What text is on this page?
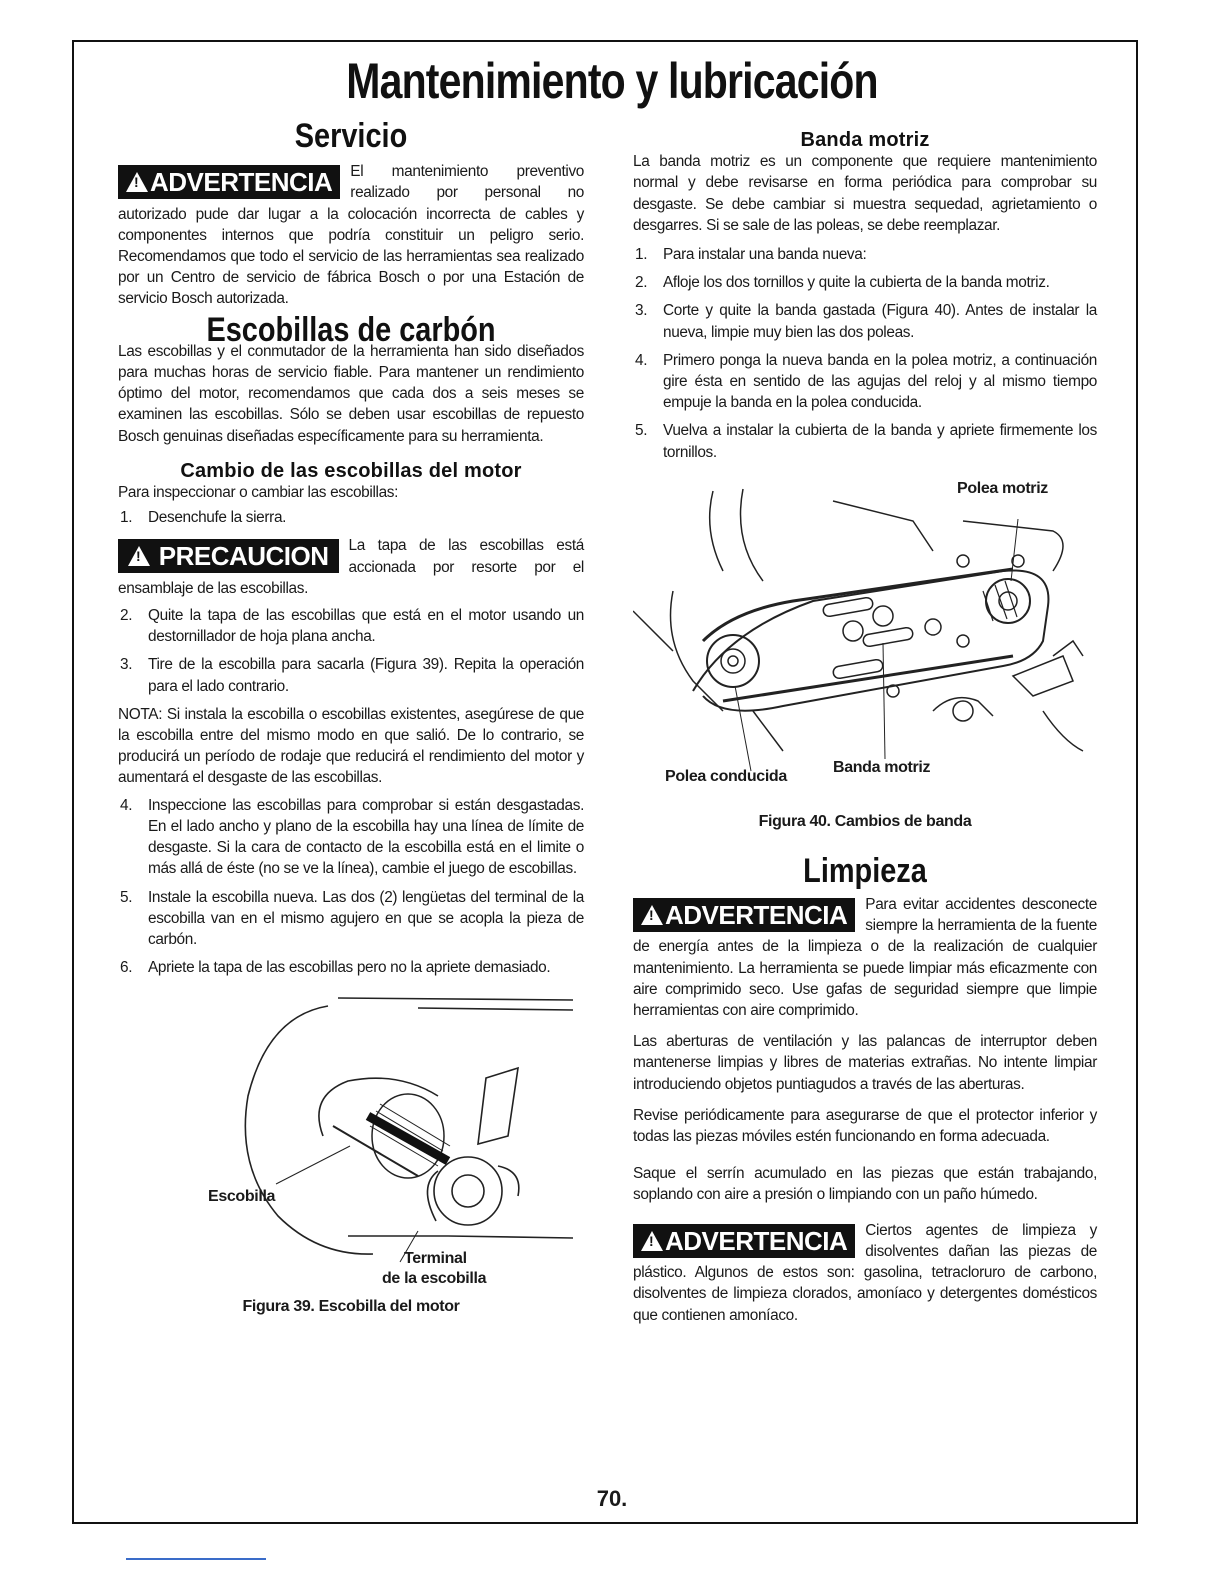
Mantenimiento y lubricación
Servicio
!ADVERTENCIA	El mantenimiento preventivo realizado por personal no autorizado pude dar lugar a la colocación incorrecta de cables y componentes internos que podría constituir un peligro serio. Recomendamos que todo el servicio de las herramientas sea realizado por un Centro de servicio de fábrica Bosch o por una Estación de servicio Bosch autorizada.

Escobillas de carbón

Las escobillas y el conmutador de la herramienta han sido diseñados para muchas horas de servicio fiable. Para mantener un rendimiento óptimo del motor, recomendamos que cada dos a seis meses se examinen las escobillas. Sólo se deben usar escobillas de repuesto Bosch genuinas diseñadas específicamente para su herramienta.

Cambio de las escobillas del motor

Para inspeccionar o cambiar las escobillas:

1. Desenchufe la sierra.
! PRECAUCION	La tapa de las escobillas está accionada por resorte por el ensamblaje de las escobillas.

2. Quite la tapa de las escobillas que está en el motor usando un destornillador de hoja plana ancha.
3. Tire de la escobilla para sacarla (Figura 39). Repita la operación para el lado contrario.

NOTA: Si instala la escobilla o escobillas existentes, asegúrese de que la escobilla entre del mismo modo en que salió. De lo contrario, se producirá un período de rodaje que reducirá el rendimiento del motor y aumentará el desgaste de las escobillas.

4. Inspeccione las escobillas para comprobar si están desgastadas. En el lado ancho y plano de la escobilla hay una línea de límite de desgaste. Si la cara de contacto de la escobilla está en el limite o más allá de éste (no se ve la línea), cambie el juego de escobillas.
5. Instale la escobilla nueva. Las dos (2) lengüetas del terminal de la escobilla van en el mismo agujero en que se acopla la pieza de carbón.
6. Apriete la tapa de las escobillas pero no la apriete demasiado.
Escobilla
Terminal
de la escobilla
Figura 39. Escobilla del motor
Banda motriz

La banda motriz es un componente que requiere mantenimiento normal y debe revisarse en forma periódica para comprobar su desgaste. Se debe cambiar si muestra sequedad, agrietamiento o desgarres. Si se sale de las poleas, se debe reemplazar.

1. Para instalar una banda nueva:
2. Afloje los dos tornillos y quite la cubierta de la banda motriz.
3. Corte y quite la banda gastada (Figura 40). Antes de instalar la nueva, limpie muy bien las dos poleas.
4. Primero ponga la nueva banda en la polea motriz, a continuación gire ésta en sentido de las agujas del reloj y al mismo tiempo empuje la banda en la polea conducida.
5. Vuelva a instalar la cubierta de la banda y apriete firmemente los tornillos.
Polea motriz
Polea conducida
Banda motriz
Figura 40. Cambios de banda
Limpieza
!ADVERTENCIA	Para evitar accidentes desconecte siempre la herramienta de la fuente de energía antes de la limpieza o de la realización de cualquier mantenimiento. La herramienta se puede limpiar más eficazmente con aire comprimido seco. Use gafas de seguridad siempre que limpie herramientas con aire comprimido.

Las aberturas de ventilación y las palancas de interruptor deben mantenerse limpias y libres de materias extrañas. No intente limpiar introduciendo objetos puntiagudos a través de las aberturas.

Revise periódicamente para asegurarse de que el protector inferior y todas las piezas móviles estén funcionando en forma adecuada.

Saque el serrín acumulado en las piezas que están trabajando, soplando con aire a presión o limpiando con un paño húmedo.

!ADVERTENCIA	Ciertos agentes de limpieza y disolventes dañan las piezas de plástico. Algunos de estos son: gasolina, tetracloruro de carbono, disolventes de limpieza clorados, amoníaco y detergentes domésticos que contienen amoníaco.

70.
